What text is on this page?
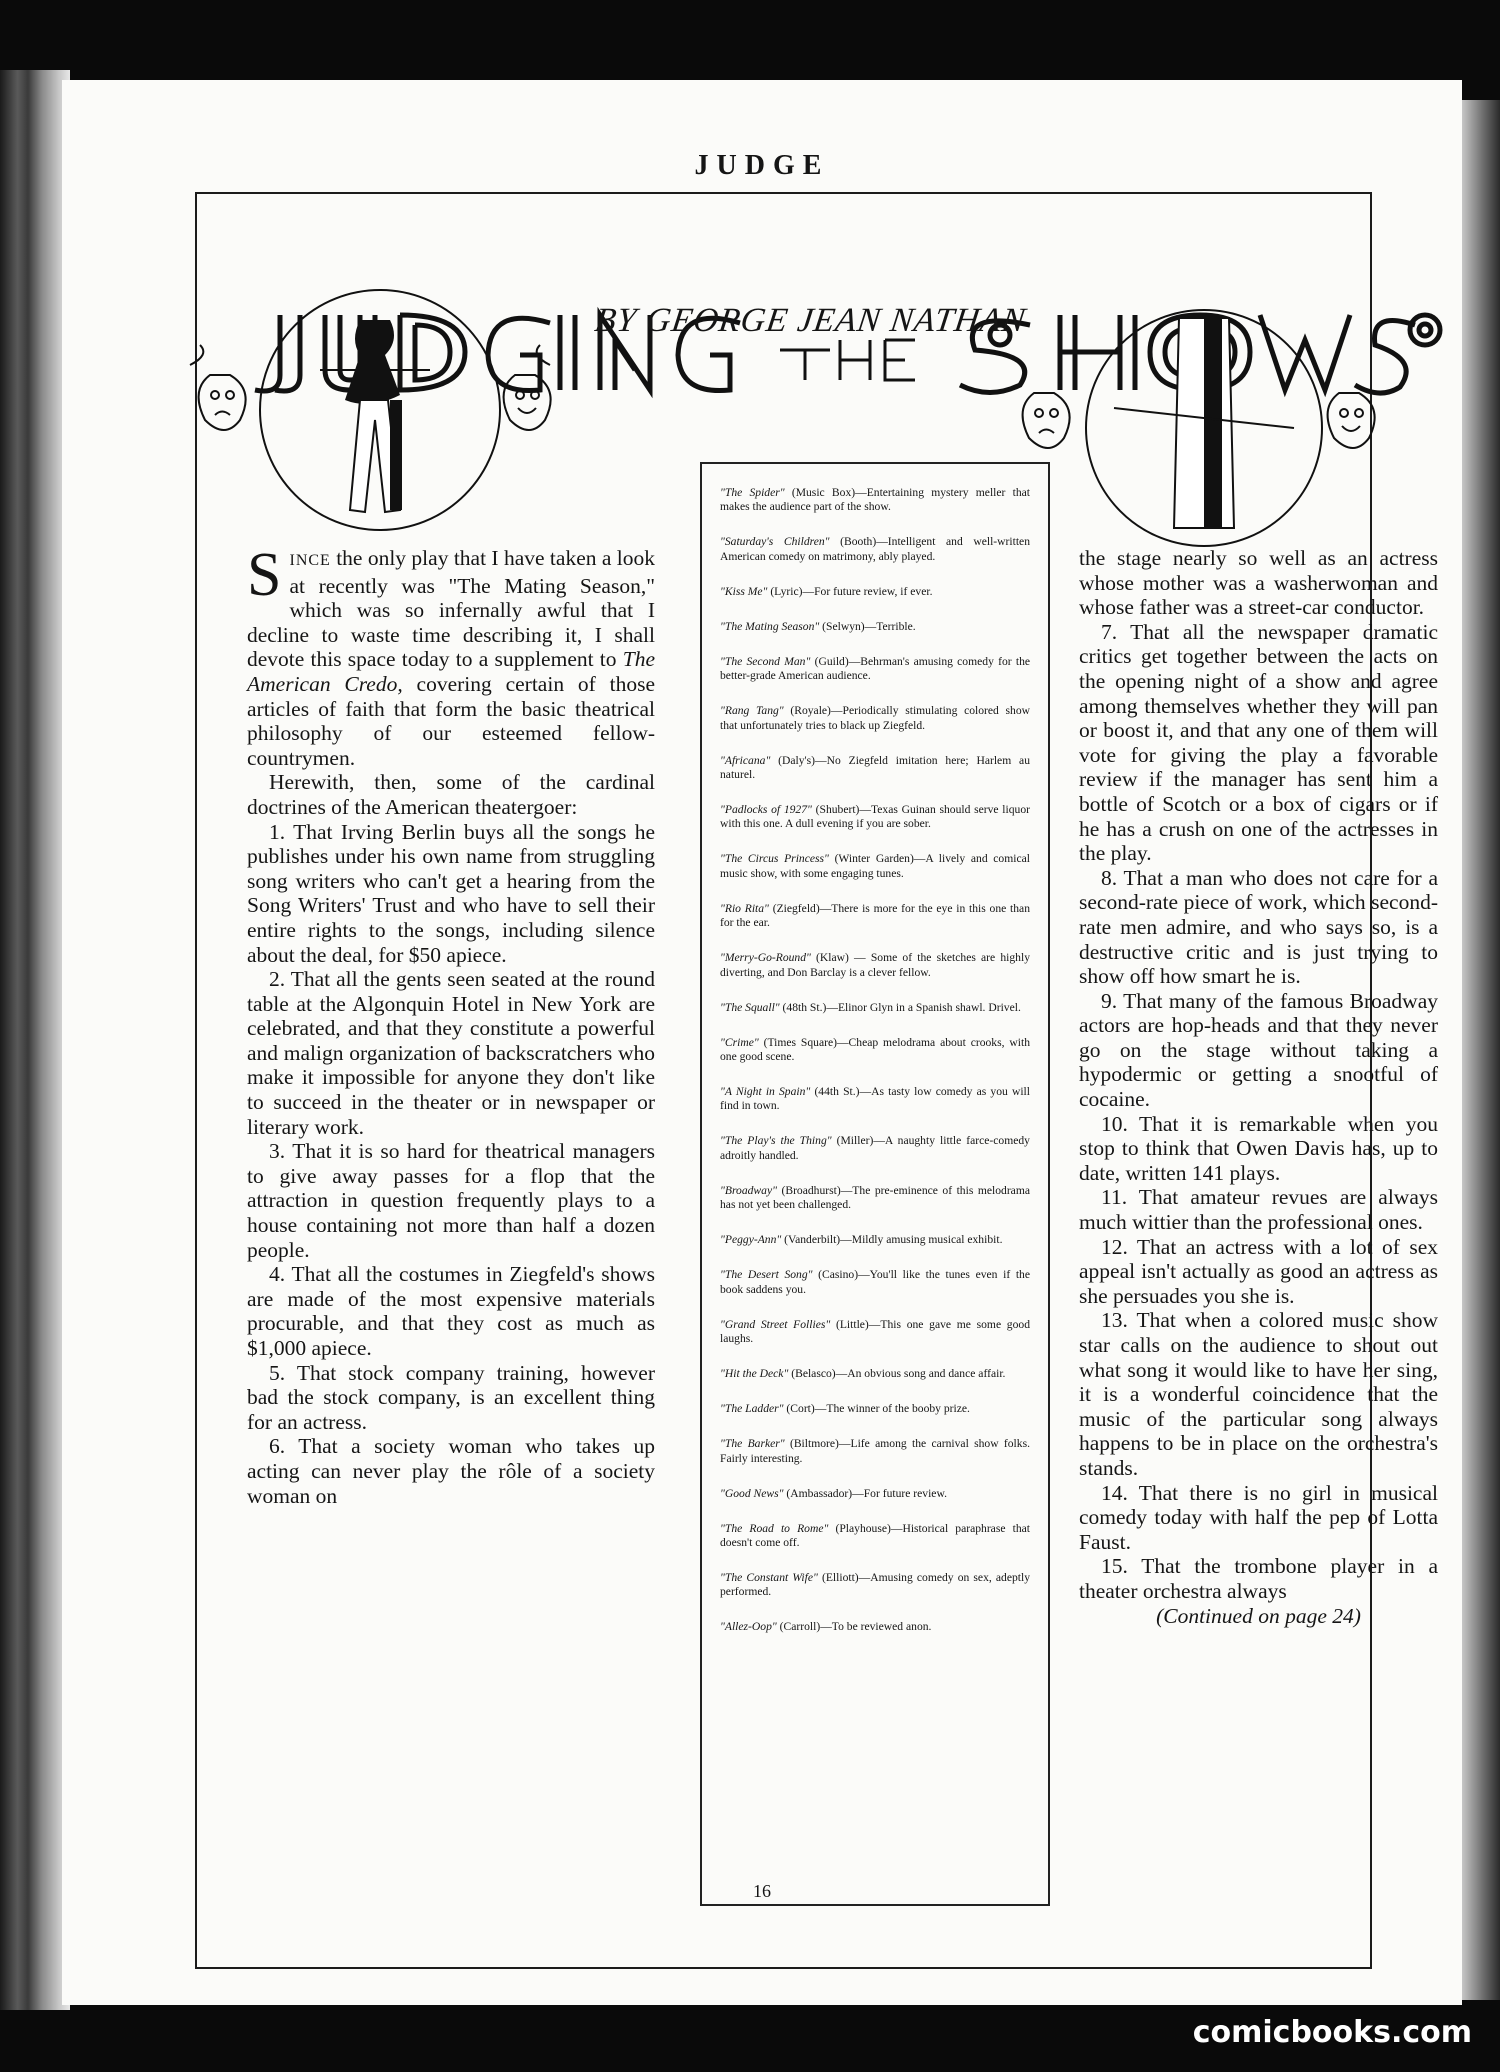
JUDGE
BY GEORGE JEAN NATHAN

SINCE the only play that I have taken a look at recently was "The Mating Season," which was so infernally awful that I decline to waste time describing it, I shall devote this space today to a supplement to The American Credo, covering certain of those articles of faith that form the basic theatrical philosophy of our esteemed fellow-countrymen.

Herewith, then, some of the cardinal doctrines of the American theatergoer:

1. That Irving Berlin buys all the songs he publishes under his own name from struggling song writers who can't get a hearing from the Song Writers' Trust and who have to sell their entire rights to the songs, including silence about the deal, for $50 apiece.

2. That all the gents seen seated at the round table at the Algonquin Hotel in New York are celebrated, and that they constitute a powerful and malign organization of backscratchers who make it impossible for anyone they don't like to succeed in the theater or in newspaper or literary work.

3. That it is so hard for theatrical managers to give away passes for a flop that the attraction in question frequently plays to a house containing not more than half a dozen people.

4. That all the costumes in Ziegfeld's shows are made of the most expensive materials procurable, and that they cost as much as $1,000 apiece.

5. That stock company training, however bad the stock company, is an excellent thing for an actress.

6. That a society woman who takes up acting can never play the rôle of a society woman on

"The Spider" (Music Box)—Entertaining mystery meller that makes the audience part of the show.
"Saturday's Children" (Booth)—Intelligent and well-written American comedy on matrimony, ably played.
"Kiss Me" (Lyric)—For future review, if ever.
"The Mating Season" (Selwyn)—Terrible.
"The Second Man" (Guild)—Behrman's amusing comedy for the better-grade American audience.
"Rang Tang" (Royale)—Periodically stimulating colored show that unfortunately tries to black up Ziegfeld.
"Africana" (Daly's)—No Ziegfeld imitation here; Harlem au naturel.
"Padlocks of 1927" (Shubert)—Texas Guinan should serve liquor with this one. A dull evening if you are sober.
"The Circus Princess" (Winter Garden)—A lively and comical music show, with some engaging tunes.
"Rio Rita" (Ziegfeld)—There is more for the eye in this one than for the ear.
"Merry-Go-Round" (Klaw) — Some of the sketches are highly diverting, and Don Barclay is a clever fellow.
"The Squall" (48th St.)—Elinor Glyn in a Spanish shawl. Drivel.
"Crime" (Times Square)—Cheap melodrama about crooks, with one good scene.
"A Night in Spain" (44th St.)—As tasty low comedy as you will find in town.
"The Play's the Thing" (Miller)—A naughty little farce-comedy adroitly handled.
"Broadway" (Broadhurst)—The pre-eminence of this melodrama has not yet been challenged.
"Peggy-Ann" (Vanderbilt)—Mildly amusing musical exhibit.
"The Desert Song" (Casino)—You'll like the tunes even if the book saddens you.
"Grand Street Follies" (Little)—This one gave me some good laughs.
"Hit the Deck" (Belasco)—An obvious song and dance affair.
"The Ladder" (Cort)—The winner of the booby prize.
"The Barker" (Biltmore)—Life among the carnival show folks. Fairly interesting.
"Good News" (Ambassador)—For future review.
"The Road to Rome" (Playhouse)—Historical paraphrase that doesn't come off.
"The Constant Wife" (Elliott)—Amusing comedy on sex, adeptly performed.
"Allez-Oop" (Carroll)—To be reviewed anon.

the stage nearly so well as an actress whose mother was a washerwoman and whose father was a street-car conductor.

7. That all the newspaper dramatic critics get together between the acts on the opening night of a show and agree among themselves whether they will pan or boost it, and that any one of them will vote for giving the play a favorable review if the manager has sent him a bottle of Scotch or a box of cigars or if he has a crush on one of the actresses in the play.

8. That a man who does not care for a second-rate piece of work, which second-rate men admire, and who says so, is a destructive critic and is just trying to show off how smart he is.

9. That many of the famous Broadway actors are hop-heads and that they never go on the stage without taking a hypodermic or getting a snootful of cocaine.

10. That it is remarkable when you stop to think that Owen Davis has, up to date, written 141 plays.

11. That amateur revues are always much wittier than the professional ones.

12. That an actress with a lot of sex appeal isn't actually as good an actress as she persuades you she is.

13. That when a colored music show star calls on the audience to shout out what song it would like to have her sing, it is a wonderful coincidence that the music of the particular song always happens to be in place on the orchestra's stands.

14. That there is no girl in musical comedy today with half the pep of Lotta Faust.

15. That the trombone player in a theater orchestra always

(Continued on page 24)

16
comicbooks.com
